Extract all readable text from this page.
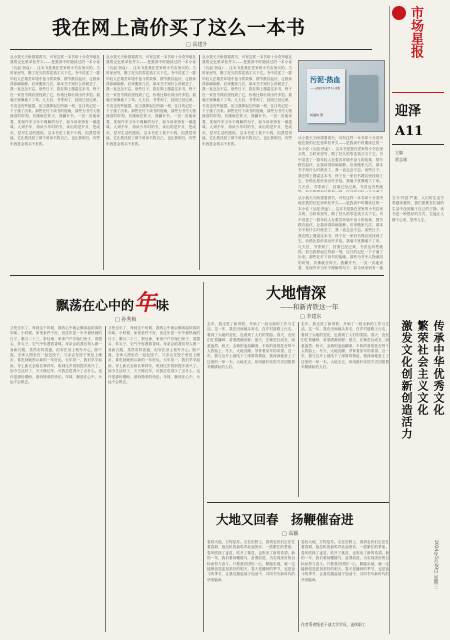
我在网上高价买了这么一本书
□ 高建升
从小我天天盼望着看书，可有这样一本书却十分奇突地在我的记忆里牵挂许久——是我高中时期读过的一本小说《污泥·热血》。这本书是我在老家的小书店里买的，当时家里穷，攒了好久的零花钱才买下它。书中讲述了一群年轻人在艰苦环境中奋斗的故事，情节跌宕起伏，让我读得如痴如醉。后来搬家几次，那本书不知什么时候丢了，我一直念念不忘。前些日子，我在网上搜索这本书，终于在一家旧书网店里找到了它，价格比原价高出许多倍。我毫不犹豫地下了单。几天后，书寄到了，封面已经泛黄，书页也有些破损，但当我捧起它的那一刻，往日的记忆一下子涌了出来。那些在灯下读书的夜晚，那些为书中人物流泪的时刻，仿佛就在昨天。我翻开书，一页一页地读着，发现许多当年不理解的句子，如今读来别有一番滋味。人到中年，再读少年时的书，读出的是岁月，是成长，是对生活的感悟。这本书花了我不少钱，但我觉得值。它让我找回了那个爱读书的自己，也让我明白，有些东西是金钱买不来的。
从小我天天盼望着看书，可有这样一本书却十分奇突地在我的记忆里牵挂许久——是我高中时期读过的一本小说《污泥·热血》。这本书是我在老家的小书店里买的，当时家里穷，攒了好久的零花钱才买下它。书中讲述了一群年轻人在艰苦环境中奋斗的故事，情节跌宕起伏，让我读得如痴如醉。后来搬家几次，那本书不知什么时候丢了，我一直念念不忘。前些日子，我在网上搜索这本书，终于在一家旧书网店里找到了它，价格比原价高出许多倍。我毫不犹豫地下了单。几天后，书寄到了，封面已经泛黄，书页也有些破损，但当我捧起它的那一刻，往日的记忆一下子涌了出来。那些在灯下读书的夜晚，那些为书中人物流泪的时刻，仿佛就在昨天。我翻开书，一页一页地读着，发现许多当年不理解的句子，如今读来别有一番滋味。人到中年，再读少年时的书，读出的是岁月，是成长，是对生活的感悟。这本书花了我不少钱，但我觉得值。它让我找回了那个爱读书的自己，也让我明白，有些东西是金钱买不来的。
从小我天天盼望着看书，可有这样一本书却十分奇突地在我的记忆里牵挂许久——是我高中时期读过的一本小说《污泥·热血》。这本书是我在老家的小书店里买的，当时家里穷，攒了好久的零花钱才买下它。书中讲述了一群年轻人在艰苦环境中奋斗的故事，情节跌宕起伏，让我读得如痴如醉。后来搬家几次，那本书不知什么时候丢了，我一直念念不忘。前些日子，我在网上搜索这本书，终于在一家旧书网店里找到了它，价格比原价高出许多倍。我毫不犹豫地下了单。几天后，书寄到了，封面已经泛黄，书页也有些破损，但当我捧起它的那一刻，往日的记忆一下子涌了出来。那些在灯下读书的夜晚，那些为书中人物流泪的时刻，仿佛就在昨天。我翻开书，一页一页地读着，发现许多当年不理解的句子，如今读来别有一番滋味。人到中年，再读少年时的书，读出的是岁月，是成长，是对生活的感悟。这本书花了我不少钱，但我觉得值。它让我找回了那个爱读书的自己，也让我明白，有些东西是金钱买不来的。
污泥·热血
——全国优秀中学生小说集
杨福林 著
从小我天天盼望着看书，可有这样一本书却十分奇突地在我的记忆里牵挂许久——是我高中时期读过的一本小说《污泥·热血》。这本书是我在老家的小书店里买的，当时家里穷，攒了好久的零花钱才买下它。书中讲述了一群年轻人在艰苦环境中奋斗的故事，情节跌宕起伏，让我读得如痴如醉。后来搬家几次，那本书不知什么时候丢了，我一直念念不忘。前些日子，我在网上搜索这本书，终于在一家旧书网店里找到了它，价格比原价高出许多倍。我毫不犹豫地下了单。几天后，书寄到了，封面已经泛黄，书页也有些破
当今'内卷'严重，人们的生活节奏越来越快，我们需要在忙碌的生活中找到属于自己的宁静。读书是一种很好的方式，它能让人静下心来，思考人生。
从小我天天盼望着看书，可有这样一本书却十分奇突地在我的记忆里牵挂许久——是我高中时期读过的一本小说《污泥·热血》。这本书是我在老家的小书店里买的，当时家里穷，攒了好久的零花钱才买下它。书中讲述了一群年轻人在艰苦环境中奋斗的故事，情节跌宕起伏，让我读得如痴如醉。后来搬家几次，那本书不知什么时候丢了，我一直念念不忘。前些日子，我在网上搜索这本书，终于在一家旧书网店里找到了它，价格比原价高出许多倍。我毫不犹豫地下了单。几天后，书寄到了，封面已经泛黄，书页也有些破损，但当我捧起它的那一刻，往日的记忆一下子涌了出来。那些在灯下读书的夜晚，那些为书中人物流泪的时刻，仿佛就在昨天。我翻开书，一页一页地读着，发现许多当年不理解的句子，如今读来别有一番
市场星报
迎泽
A11
主编
贾志刚
传承中华优秀文化
繁荣社会主义文化
激发文化创新创造活力
2024年5月29日 星期三
飘荡在心中的年味
□ 孙秀梅
又快过年了，每到这个时候，我的心中就会飘荡起浓浓的年味。小时候，家里条件不好，但过年是一年中最热闹的日子。腊月二十三，祭灶神，家家户户开始扫房子、蒸馒头、炸丸子，空气中弥漫着香味。母亲会给我们每人做一身新衣服，虽然布料普通，但穿在身上格外开心。除夕夜，全家人围坐在一起包饺子，父亲会在饺子里包上硬币，谁吃到就预示新的一年好运。大年初一，我们早早起床，穿上新衣去给长辈拜年，收到压岁钱别提多高兴了。如今生活好了，天天像过年，可我总觉得少了点什么。也许是那份期盼，那份简单的快乐。年味，飘荡在心中，永远不会散去。
又快过年了，每到这个时候，我的心中就会飘荡起浓浓的年味。小时候，家里条件不好，但过年是一年中最热闹的日子。腊月二十三，祭灶神，家家户户开始扫房子、蒸馒头、炸丸子，空气中弥漫着香味。母亲会给我们每人做一身新衣服，虽然布料普通，但穿在身上格外开心。除夕夜，全家人围坐在一起包饺子，父亲会在饺子里包上硬币，谁吃到就预示新的一年好运。大年初一，我们早早起床，穿上新衣去给长辈拜年，收到压岁钱别提多高兴了。如今生活好了，天天像过年，可我总觉得少了点什么。也许是那份期盼，那份简单的快乐。年味，飘荡在心中，永远不会散去。
大地情深
——和新青铁这一年
□ 李建东
去年，我走进了新青铁，开始了一段全新的工作与生活。这一年，我在田间地头奔走，在乡村道路上行走，看到了大地的变化，也看到了人们的笑脸。春天，农民们忙着播种，希望洒满田野；夏天，庄稼茁壮成长，绿意盎然；秋天，金黄的麦浪翻滚，丰收的喜悦挂在每个人的脸上；冬天，大地沉睡，孕育着来年的希望。这一年，我与这片土地结下了深厚的情谊，我深深地爱上了这里的一草一木。大地无言，却用最朴实的方式回报着辛勤耕耘的人们。
去年，我走进了新青铁，开始了一段全新的工作与生活。这一年，我在田间地头奔走，在乡村道路上行走，看到了大地的变化，也看到了人们的笑脸。春天，农民们忙着播种，希望洒满田野；夏天，庄稼茁壮成长，绿意盎然；秋天，金黄的麦浪翻滚，丰收的喜悦挂在每个人的脸上；冬天，大地沉睡，孕育着来年的希望。这一年，我与这片土地结下了深厚的情谊，我深深地爱上了这里的一草一木。大地无言，却用最朴实的方式回报着辛勤耕耘的人们。
大地又回春　扬鞭催奋进
□ 高颖
春回大地，万物复苏。走在田野上，看到农民们正在忙着春耕，拖拉机的轰鸣声此起彼伏，一派繁忙的景象。春风吹绿了麦苗，吹开了桃花，也吹来了新的希望。新的一年，我们要扬鞭催马，奋勇前进，为实现美好的目标而努力奋斗。只要我们团结一心，脚踏实地，就一定能够创造更加美好的明天。春天是播种的季节，也是奋斗的季节，让我们撸起袖子加油干，共同书写新时代的华美篇章。
春回大地，万物复苏。走在田野上，看到农民们正在忙着春耕，拖拉机的轰鸣声此起彼伏，一派繁忙的景象。春风吹绿了麦苗，吹开了桃花，也吹来了新的希望。新的一年，我们要扬鞭催马，奋勇前进，为实现美好的目标而努力奋斗。只要我们团结一心，脚踏实地，就一定能够创造更加美好的明天。春天是播种的季节，也是奋斗的季节，让我们撸起袖子加油干，共同书写新时代的华美篇章。
作者系省级老干部大学学员，退休职工
